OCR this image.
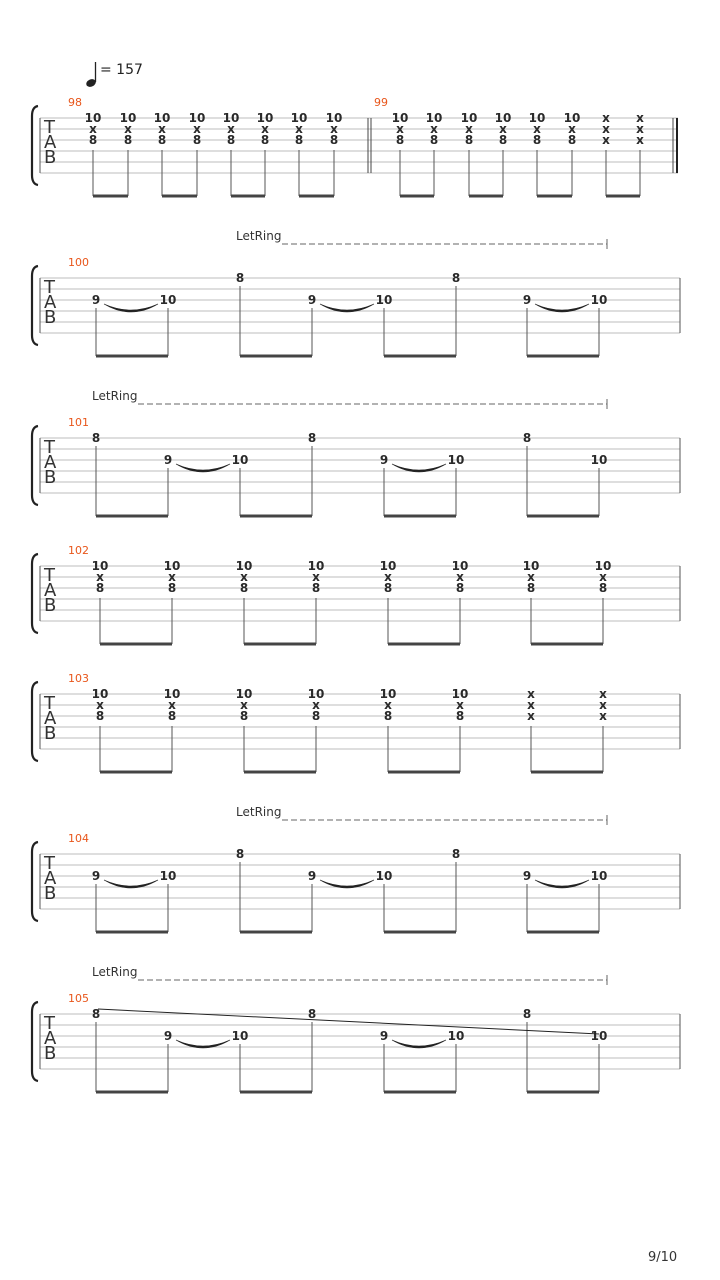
= 157
T
A
B
98
10
x
8
10
x
8
10
x
8
10
x
8
10
x
8
10
x
8
10
x
8
10
x
8
99
10
x
8
10
x
8
10
x
8
10
x
8
10
x
8
10
x
8
x
x
x
x
x
x
T
A
B
LetRing
100
9	10
8
9	10
8
9	10
T
A
B
LetRing
101
8
9	10
8
9	10
8
10
T
A
B
102
10
x
8
10
x
8
10
x
8
10
x
8
10
x
8
10
x
8
10
x
8
10
x
8
T
A
B
103
10
x
8
10
x
8
10
x
8
10
x
8
10
x
8
10
x
8
x
x
x
x
x
x
T
A
B
LetRing
104
9	10
8
9	10
8
9	10
T
A
B
LetRing
105
8
9	10
8
9	10
8
10
9/10
